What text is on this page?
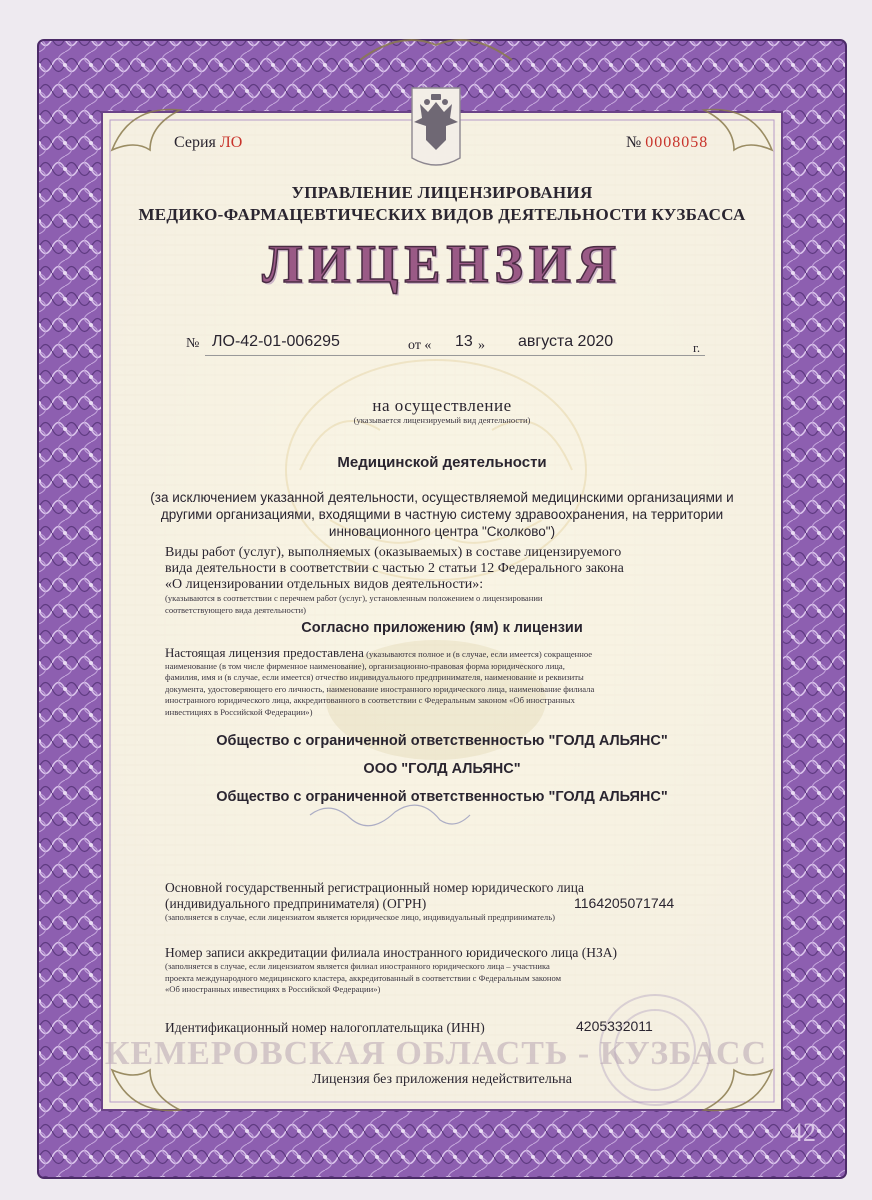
КЕМЕРОВСКАЯ ОБЛАСТЬ - КУЗБАСС
Серия ЛО	№ 0008058
УПРАВЛЕНИЕ ЛИЦЕНЗИРОВАНИЯ
МЕДИКО-ФАРМАЦЕВТИЧЕСКИХ ВИДОВ ДЕЯТЕЛЬНОСТИ КУЗБАССА
ЛИЦЕНЗИЯ
№ ЛО-42-01-006295	от « 13 » августа 2020	г.
на осуществление
(указывается лицензируемый вид деятельности)
Медицинской деятельности
(за исключением указанной деятельности, осуществляемой медицинскими организациями и другими организациями, входящими в частную систему здравоохранения, на территории инновационного центра "Сколково")
Виды работ (услуг), выполняемых (оказываемых) в составе лицензируемого
вида деятельности в соответствии с частью 2 статьи 12 Федерального закона
«О лицензировании отдельных видов деятельности»:
(указываются в соответствии с перечнем работ (услуг), установленным положением о лицензировании
соответствующего вида деятельности)
Согласно приложению (ям) к лицензии
Настоящая лицензия предоставлена (указываются полное и (в случае, если имеется) сокращенное
наименование (в том числе фирменное наименование), организационно-правовая форма юридического лица,
фамилия, имя и (в случае, если имеется) отчество индивидуального предпринимателя, наименование и реквизиты
документа, удостоверяющего его личность, наименование иностранного юридического лица, наименование филиала
иностранного юридического лица, аккредитованного в соответствии с Федеральным законом «Об иностранных
инвестициях в Российской Федерации»)
Общество с ограниченной ответственностью "ГОЛД АЛЬЯНС"
ООО "ГОЛД АЛЬЯНС"
Общество с ограниченной ответственностью "ГОЛД АЛЬЯНС"
Основной государственный регистрационный номер юридического лица
(индивидуального предпринимателя) (ОГРН)	1164205071744
(заполняется в случае, если лицензиатом является юридическое лицо, индивидуальный предприниматель)
Номер записи аккредитации филиала иностранного юридического лица (НЗА)
(заполняется в случае, если лицензиатом является филиал иностранного юридического лица – участника
проекта международного медицинского кластера, аккредитованный в соответствии с Федеральным законом
«Об иностранных инвестициях в Российской Федерации»)
Идентификационный номер налогоплательщика (ИНН)	4205332011
Лицензия без приложения недействительна
42
